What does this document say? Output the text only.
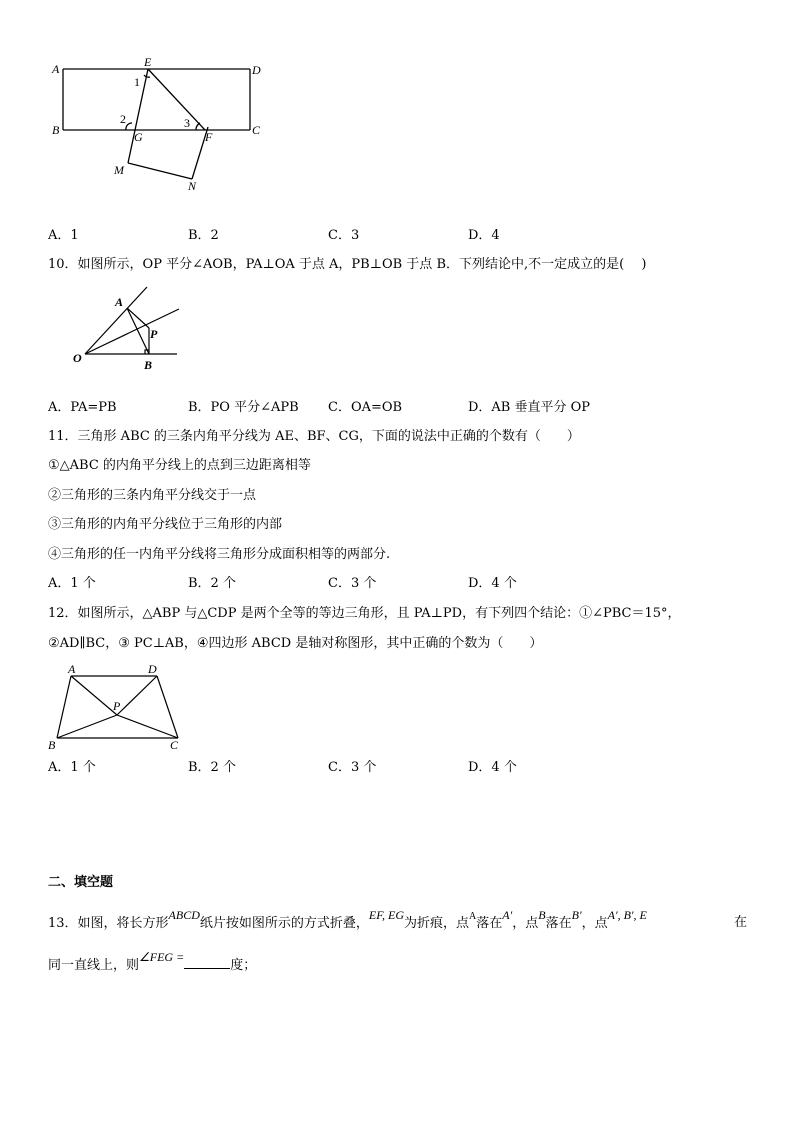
A	E
D
B	G	F	C
M
N
1
2	3
A．1	B．2	C．3	D．4
10．如图所示，OP 平分∠AOB，PA⊥OA 于点 A，PB⊥OB 于点 B．下列结论中,不一定成立的是(　 )
A
P
O	B
A．PA=PB	B．PO 平分∠APB C．OA=OB	D．AB 垂直平分 OP
11．三角形 ABC 的三条内角平分线为 AE、BF、CG，下面的说法中正确的个数有（　　）
①△ABC 的内角平分线上的点到三边距离相等
②三角形的三条内角平分线交于一点
③三角形的内角平分线位于三角形的内部
④三角形的任一内角平分线将三角形分成面积相等的两部分.
A．1 个	B．2 个	C．3 个	D．4 个
12．如图所示，△ABP 与△CDP 是两个全等的等边三角形，且 PA⊥PD，有下列四个结论：①∠PBC＝15°，
②AD∥BC，③ PC⊥AB，④四边形 ABCD 是轴对称图形，其中正确的个数为（　　）
A	D
P
B	C
A．1 个	B．2 个	C．3 个	D．4 个
二、填空题
13．如图，将长方形ABCD纸片按如图所示的方式折叠，EF, EG为折痕，点$^A$落在A′，点B落在B′，点A′, B′, E	在
同一直线上，则∠FEG =度；
